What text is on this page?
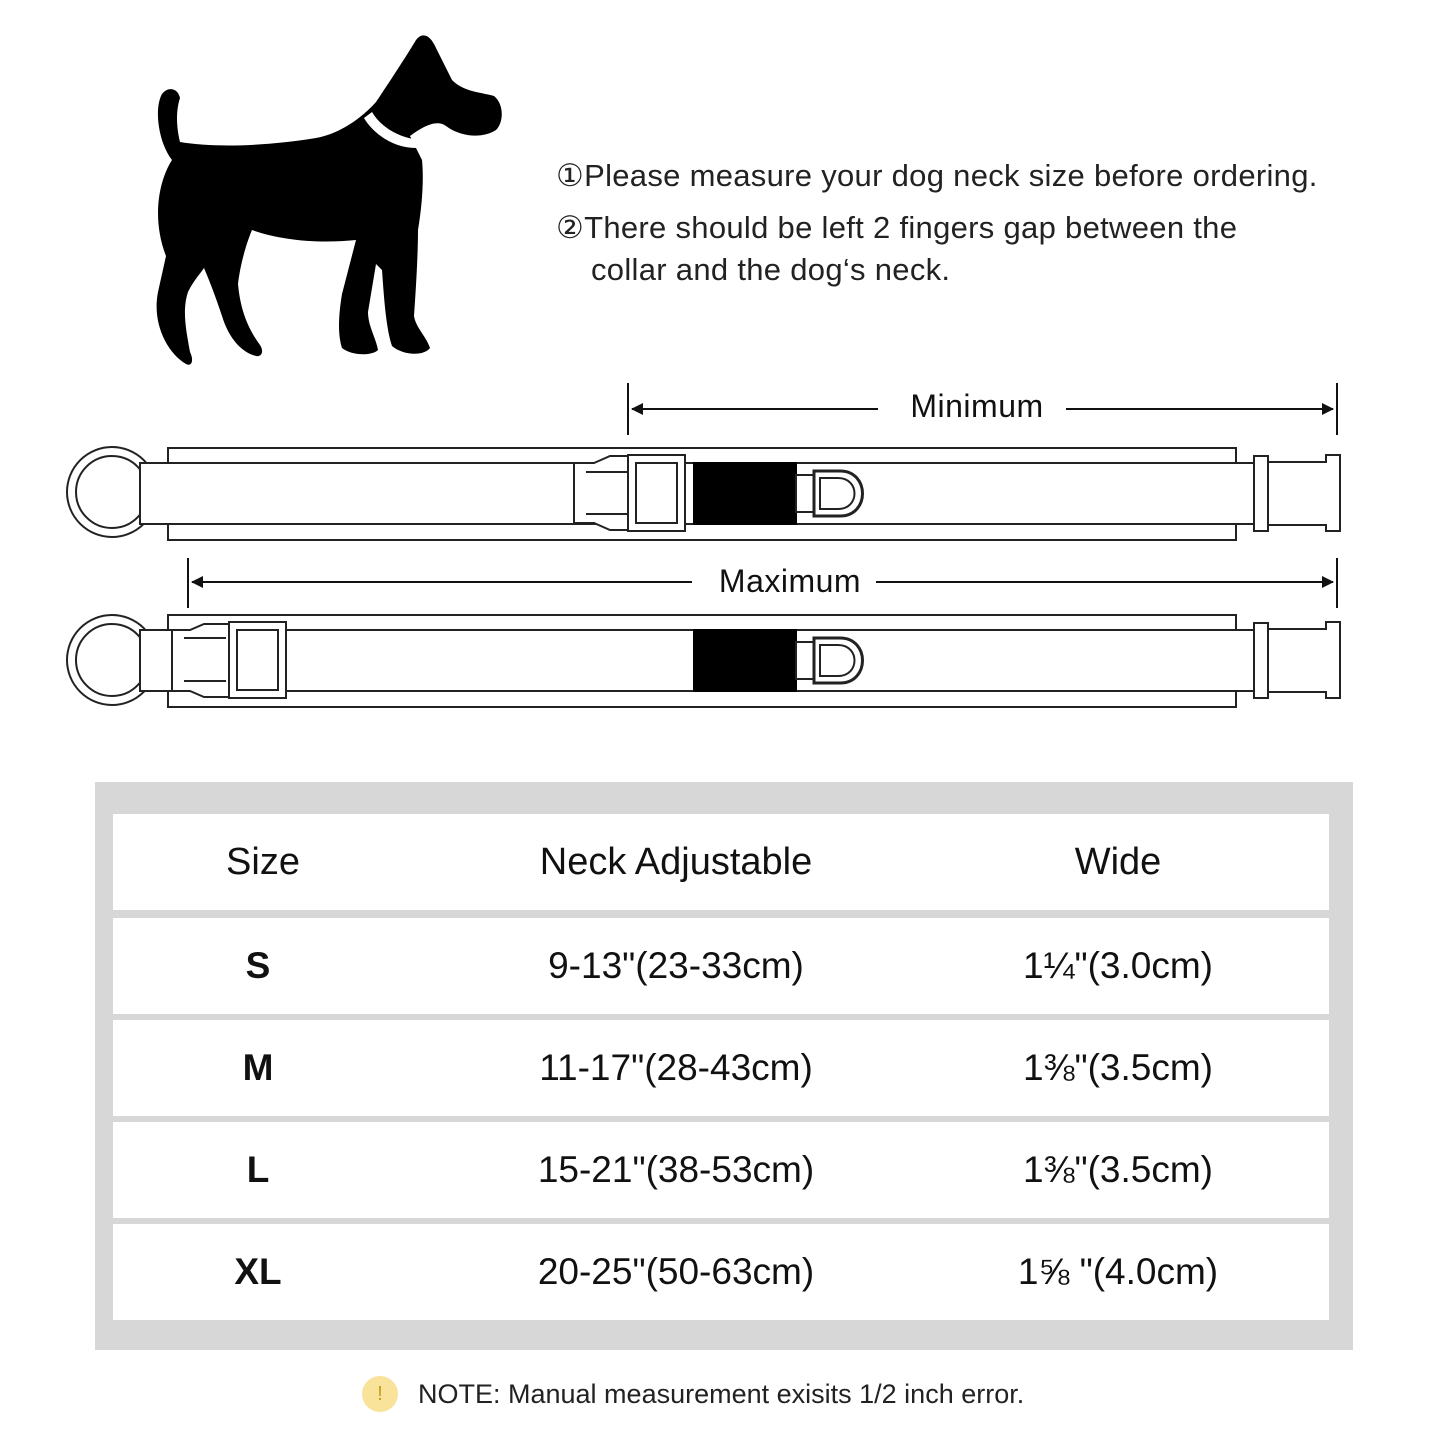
①Please measure your dog neck size before ordering.
②There should be left 2 fingers gap between the
collar and the dog‘s neck.
Minimum
Maximum
Size	Neck Adjustable	Wide
S	9-13"(23-33cm)	1¼"(3.0cm)
M	11-17"(28-43cm)	1⅜"(3.5cm)
L	15-21"(38-53cm)	1⅜"(3.5cm)
XL	20-25"(50-63cm)	1⅝ "(4.0cm)
!	NOTE: Manual measurement exisits 1/2 inch error.
